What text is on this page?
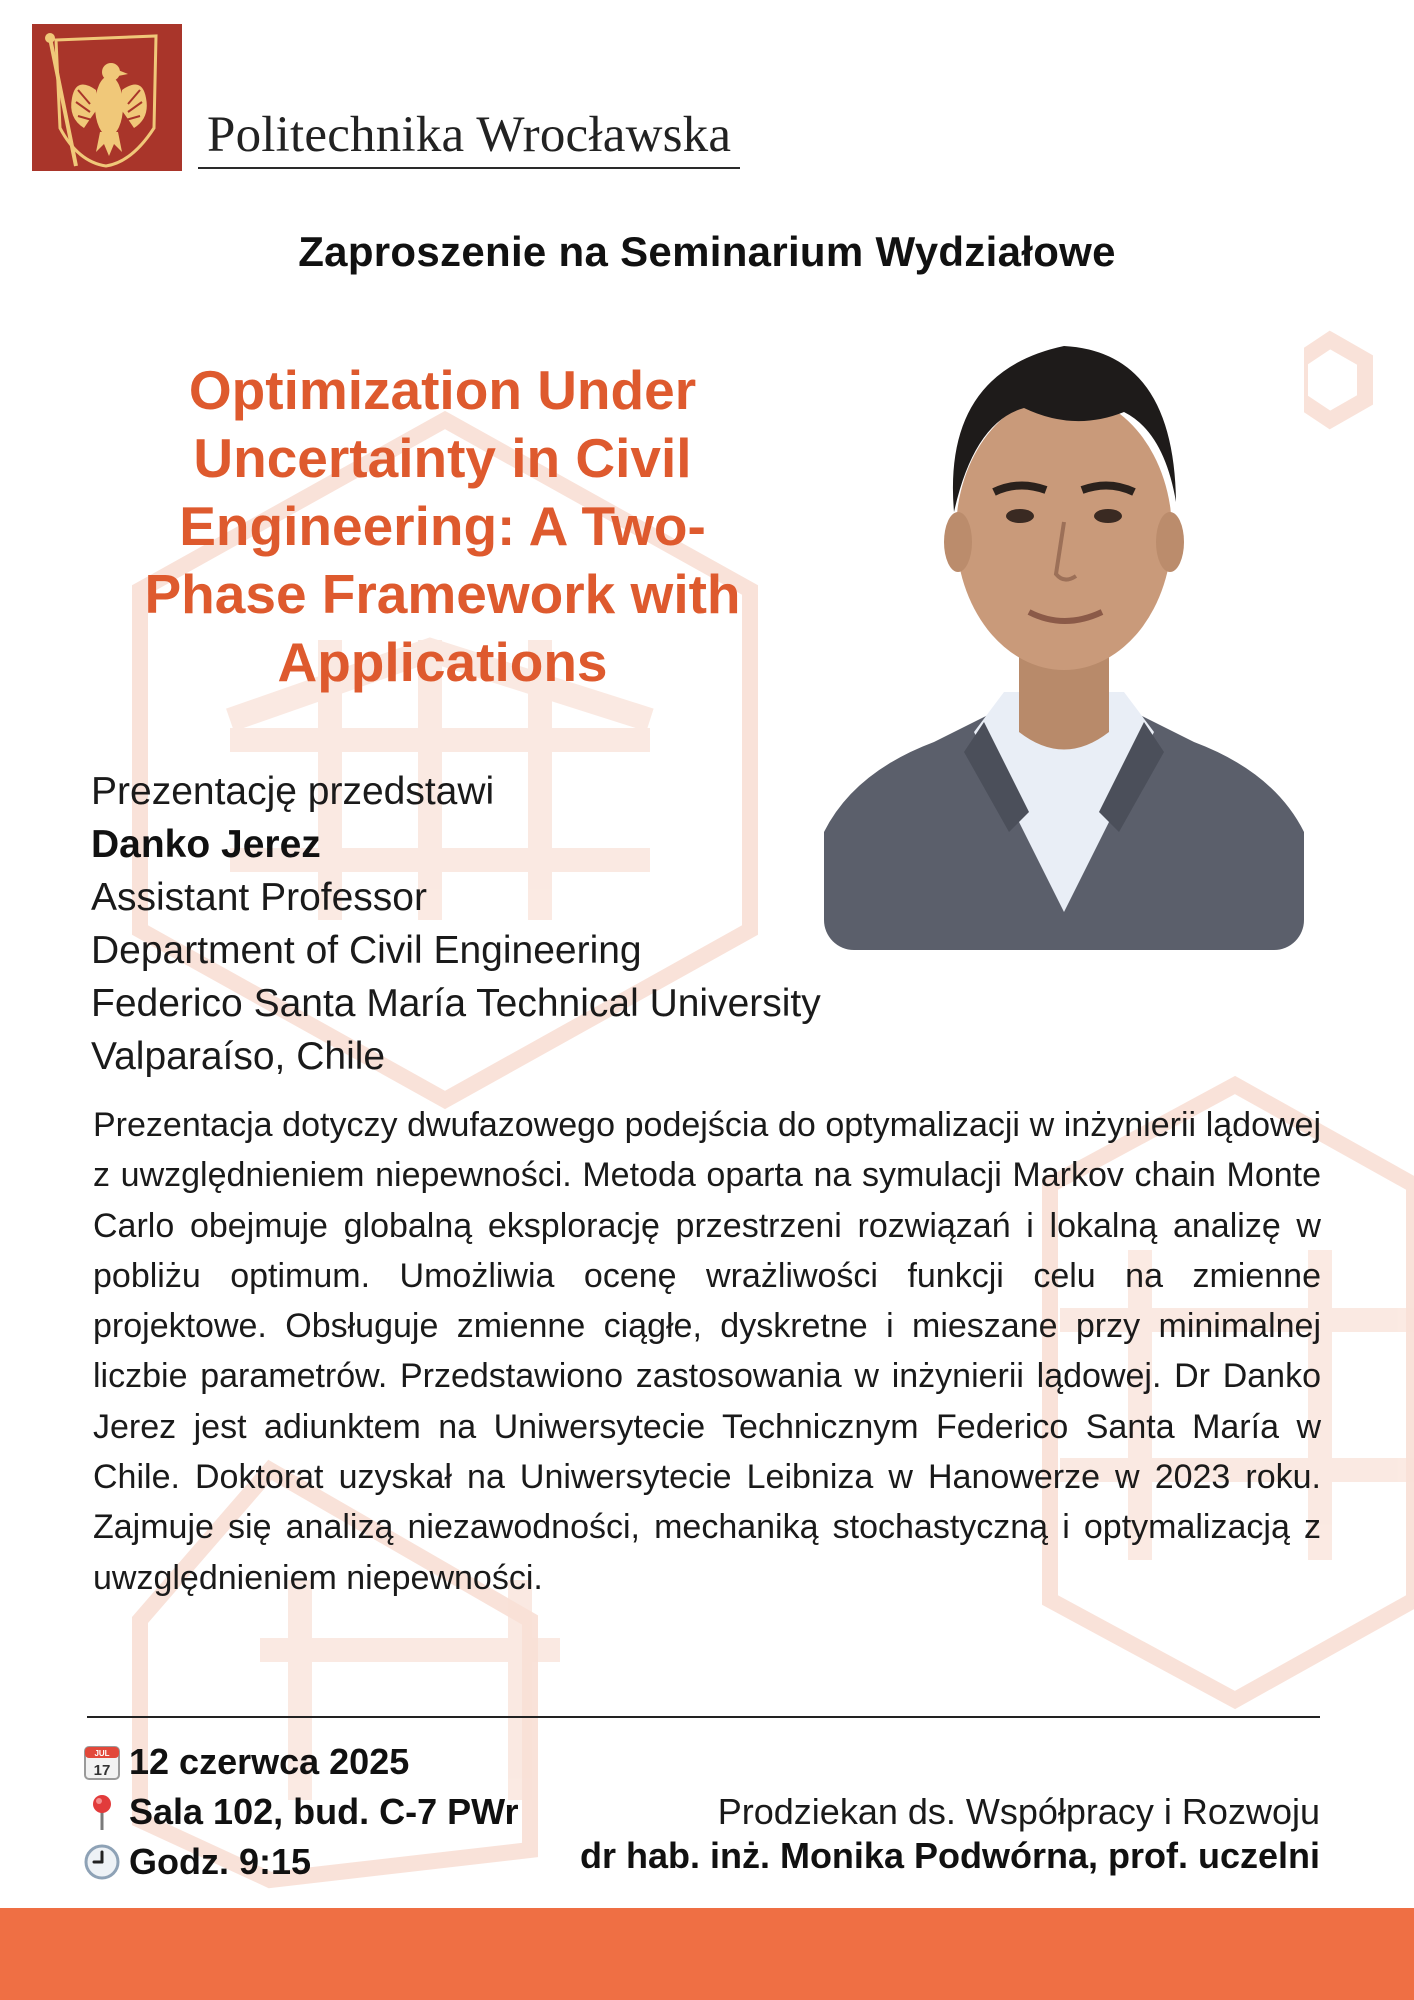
Politechnika Wrocławska
Zaproszenie na Seminarium Wydziałowe
Optimization Under Uncertainty in Civil Engineering: A Two-Phase Framework with Applications
Prezentację przedstawi
Danko Jerez
Assistant Professor
Department of Civil Engineering
Federico Santa María Technical University
Valparaíso, Chile
Prezentacja dotyczy dwufazowego podejścia do optymalizacji w inżynierii lądowej z uwzględnieniem niepewności. Metoda oparta na symulacji Markov chain Monte Carlo obejmuje globalną eksplorację przestrzeni rozwiązań i lokalną analizę w pobliżu optimum. Umożliwia ocenę wrażliwości funkcji celu na zmienne projektowe. Obsługuje zmienne ciągłe, dyskretne i mieszane przy minimalnej liczbie parametrów. Przedstawiono zastosowania w inżynierii lądowej. Dr Danko Jerez jest adiunktem na Uniwersytecie Technicznym Federico Santa María w Chile. Doktorat uzyskał na Uniwersytecie Leibniza w Hanowerze w 2023 roku. Zajmuje się analizą niezawodności, mechaniką stochastyczną i optymalizacją z uwzględnieniem niepewności.
JUL
17 12 czerwca 2025
Sala 102, bud. C-7 PWr
Godz. 9:15
Prodziekan ds. Współpracy i Rozwoju
dr hab. inż. Monika Podwórna, prof. uczelni
